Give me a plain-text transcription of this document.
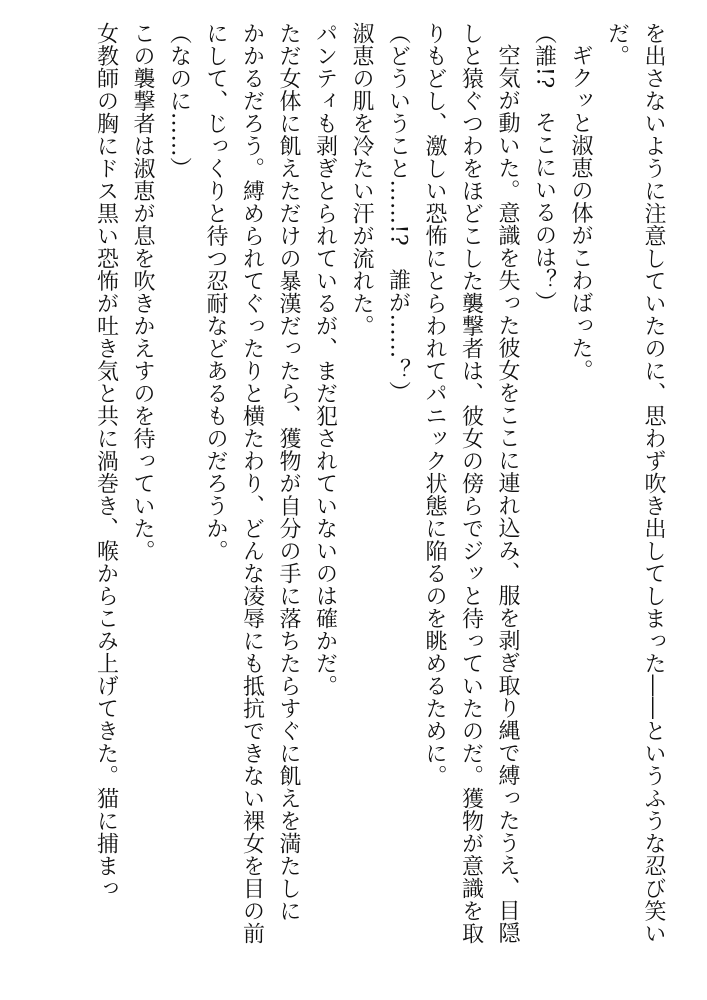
を出さないように注意していたのに、思わず吹き出してしまった――というふうな忍び笑い
だ。
ギクッと淑恵の体がこわばった。
（誰!?　そこにいるのは？）
空気が動いた。意識を失った彼女をここに連れ込み、服を剥ぎ取り縄で縛ったうえ、目隠
しと猿ぐつわをほどこした襲撃者は、彼女の傍らでジッと待っていたのだ。獲物が意識を取
りもどし、激しい恐怖にとらわれてパニック状態に陥るのを眺めるために。
（どういうこと……!?　誰が……？）
淑恵の肌を冷たい汗が流れた。
パンティも剥ぎとられているが、まだ犯されていないのは確かだ。
ただ女体に飢えただけの暴漢だったら、獲物が自分の手に落ちたらすぐに飢えを満たしに
かかるだろう。縛められてぐったりと横たわり、どんな凌辱にも抵抗できない裸女を目の前
にして、じっくりと待つ忍耐などあるものだろうか。
（なのに……）
この襲撃者は淑恵が息を吹きかえすのを待っていた。
女教師の胸にドス黒い恐怖が吐き気と共に渦巻き、喉からこみ上げてきた。猫に捕まっ
